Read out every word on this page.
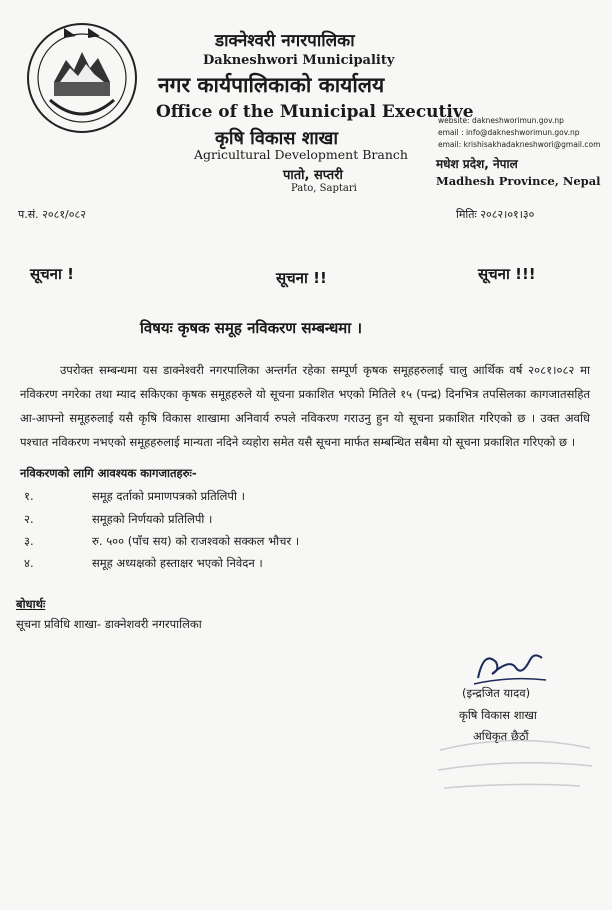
डाक्नेश्वरी नगरपालिका
Dakneshwori Municipality
नगर कार्यपालिकाको कार्यालय
Office of the Municipal Executive
कृषि विकास शाखा
Agricultural Development Branch
पातो, सप्तरी
Pato, Saptari
website: dakneshworimun.gov.np
email : info@dakneshworimun.gov.np
email: krishisakhadakneshwori@gmail.com
मधेश प्रदेश, नेपाल
Madhesh Province, Nepal
प.सं. २०८१/०८२	मितिः २०८२।०१।३०
सूचना !	सूचना !!	सूचना !!!
विषयः कृषक समूह नविकरण सम्बन्धमा ।

उपरोक्त सम्बन्धमा यस डाक्नेश्वरी नगरपालिका अन्तर्गत रहेका सम्पूर्ण कृषक समूहहरुलाई चालु आर्थिक वर्ष २०८१।०८२ मा नविकरण नगरेका तथा म्याद सकिएका कृषक समूहहरुले यो सूचना प्रकाशित भएको मितिले १५ (पन्द्र) दिनभित्र तपसिलका कागजातसहित आ-आफ्नो समूहरुलाई यसै कृषि विकास शाखामा अनिवार्य रुपले नविकरण गराउनु हुन यो सूचना प्रकाशित गरिएको छ । उक्त अवधि पश्चात नविकरण नभएको समूहहरुलाई मान्यता नदिने व्यहोरा समेत यसै सूचना मार्फत सम्बन्धित सबैमा यो सूचना प्रकाशित गरिएको छ ।

नविकरणको लागि आवश्यक कागजातहरुः-
१.	समूह दर्ताको प्रमाणपत्रको प्रतिलिपी ।
२.	समूहको निर्णयको प्रतिलिपी ।
३.	रु. ५०० (पाँच सय) को राजश्वको सक्कल भौचर ।
४.	समूह अध्यक्षको हस्ताक्षर भएको निवेदन ।
बोधार्थः
सूचना प्रविधि शाखा- डाक्नेशवरी नगरपालिका
(इन्द्रजित यादव)
कृषि विकास शाखा
अधिकृत छैठौं
